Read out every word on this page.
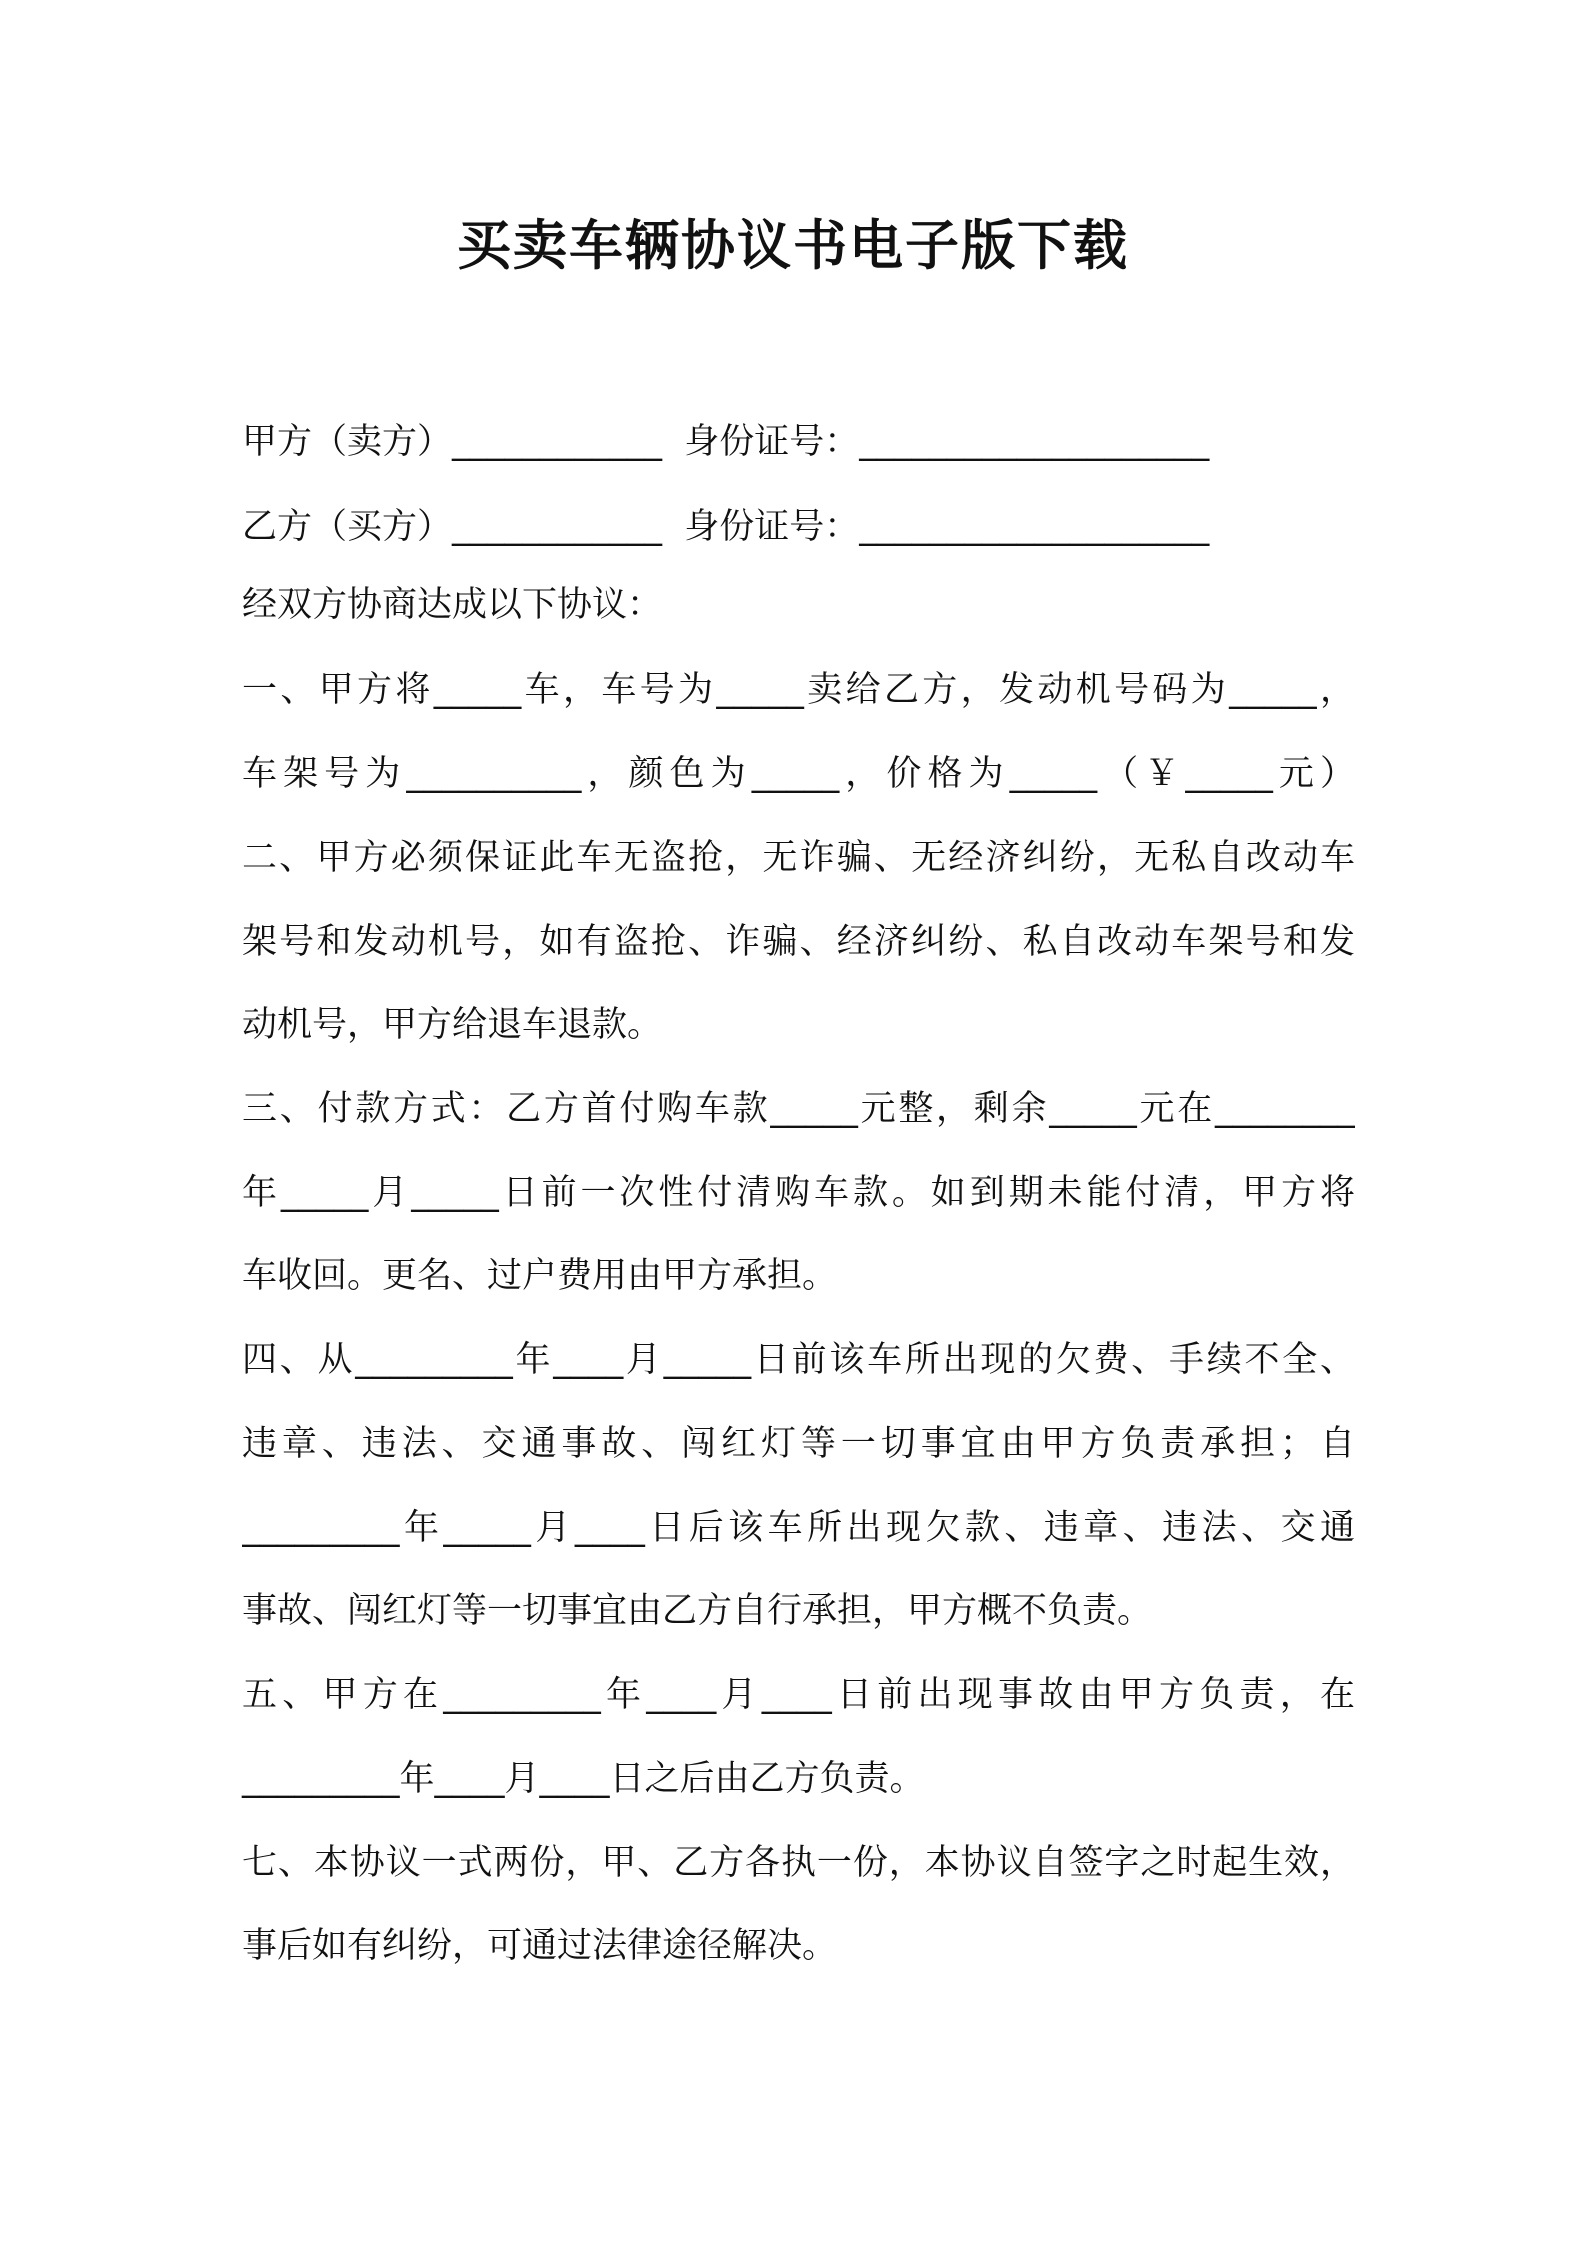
买卖车辆协议书电子版下载
甲方（卖方）____________  身份证号：____________________
乙方（买方）____________  身份证号：____________________
经双方协商达成以下协议：
一、甲方将_____车，车号为_____卖给乙方，发动机号码为_____，
车架号为__________，颜色为_____，价格为_____（￥_____元）
二、甲方必须保证此车无盗抢，无诈骗、无经济纠纷，无私自改动车
架号和发动机号，如有盗抢、诈骗、经济纠纷、私自改动车架号和发
动机号，甲方给退车退款。
三、付款方式：乙方首付购车款_____元整，剩余_____元在________
年_____月_____日前一次性付清购车款。如到期未能付清，甲方将
车收回。更名、过户费用由甲方承担。
四、从_________年____月_____日前该车所出现的欠费、手续不全、
违章、违法、交通事故、闯红灯等一切事宜由甲方负责承担；自
_________年_____月____日后该车所出现欠款、违章、违法、交通
事故、闯红灯等一切事宜由乙方自行承担，甲方概不负责。
五、甲方在_________年____月____日前出现事故由甲方负责，在
_________年____月____日之后由乙方负责。
七、本协议一式两份，甲、乙方各执一份，本协议自签字之时起生效，
事后如有纠纷，可通过法律途径解决。
